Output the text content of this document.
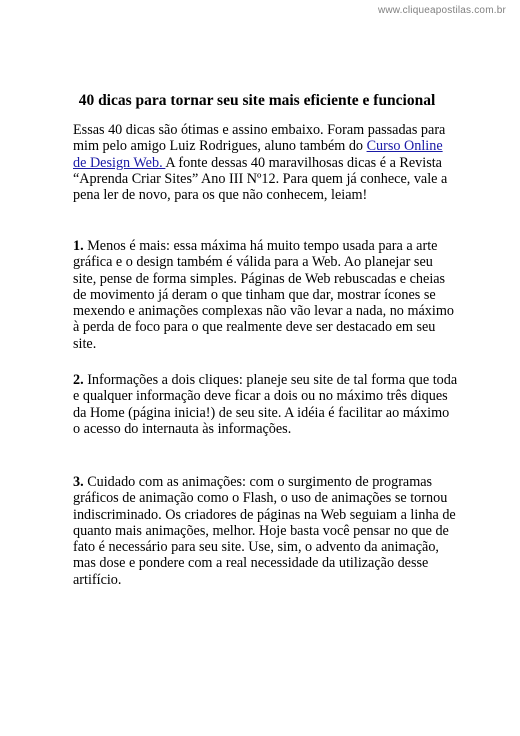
www.cliqueapostilas.com.br
40 dicas para tornar seu site mais eficiente e funcional

Essas 40 dicas são ótimas e assino embaixo. Foram passadas para mim pelo amigo Luiz Rodrigues, aluno também do Curso Online de Design Web. A fonte dessas 40 maravilhosas dicas é a Revista “Aprenda Criar Sites” Ano III Nº12. Para quem já conhece, vale a pena ler de novo, para os que não conhecem, leiam!

1. Menos é mais: essa máxima há muito tempo usada para a arte gráfica e o design também é válida para a Web. Ao planejar seu site, pense de forma simples. Páginas de Web rebuscadas e cheias de movimento já deram o que tinham que dar, mostrar ícones se mexendo e animações complexas não vão levar a nada, no máximo à perda de foco para o que realmente deve ser destacado em seu site.

2. Informações a dois cliques: planeje seu site de tal forma que toda e qualquer informação deve ficar a dois ou no máximo três diques da Home (página inicia!) de seu site. A idéia é facilitar ao máximo o acesso do internauta às informações.

3. Cuidado com as animações: com o surgimento de programas gráficos de animação como o Flash, o uso de animações se tornou indiscriminado. Os criadores de páginas na Web seguiam a linha de quanto mais animações, melhor. Hoje basta você pensar no que de fato é necessário para seu site. Use, sim, o advento da animação, mas dose e pondere com a real necessidade da utilização desse artifício.
